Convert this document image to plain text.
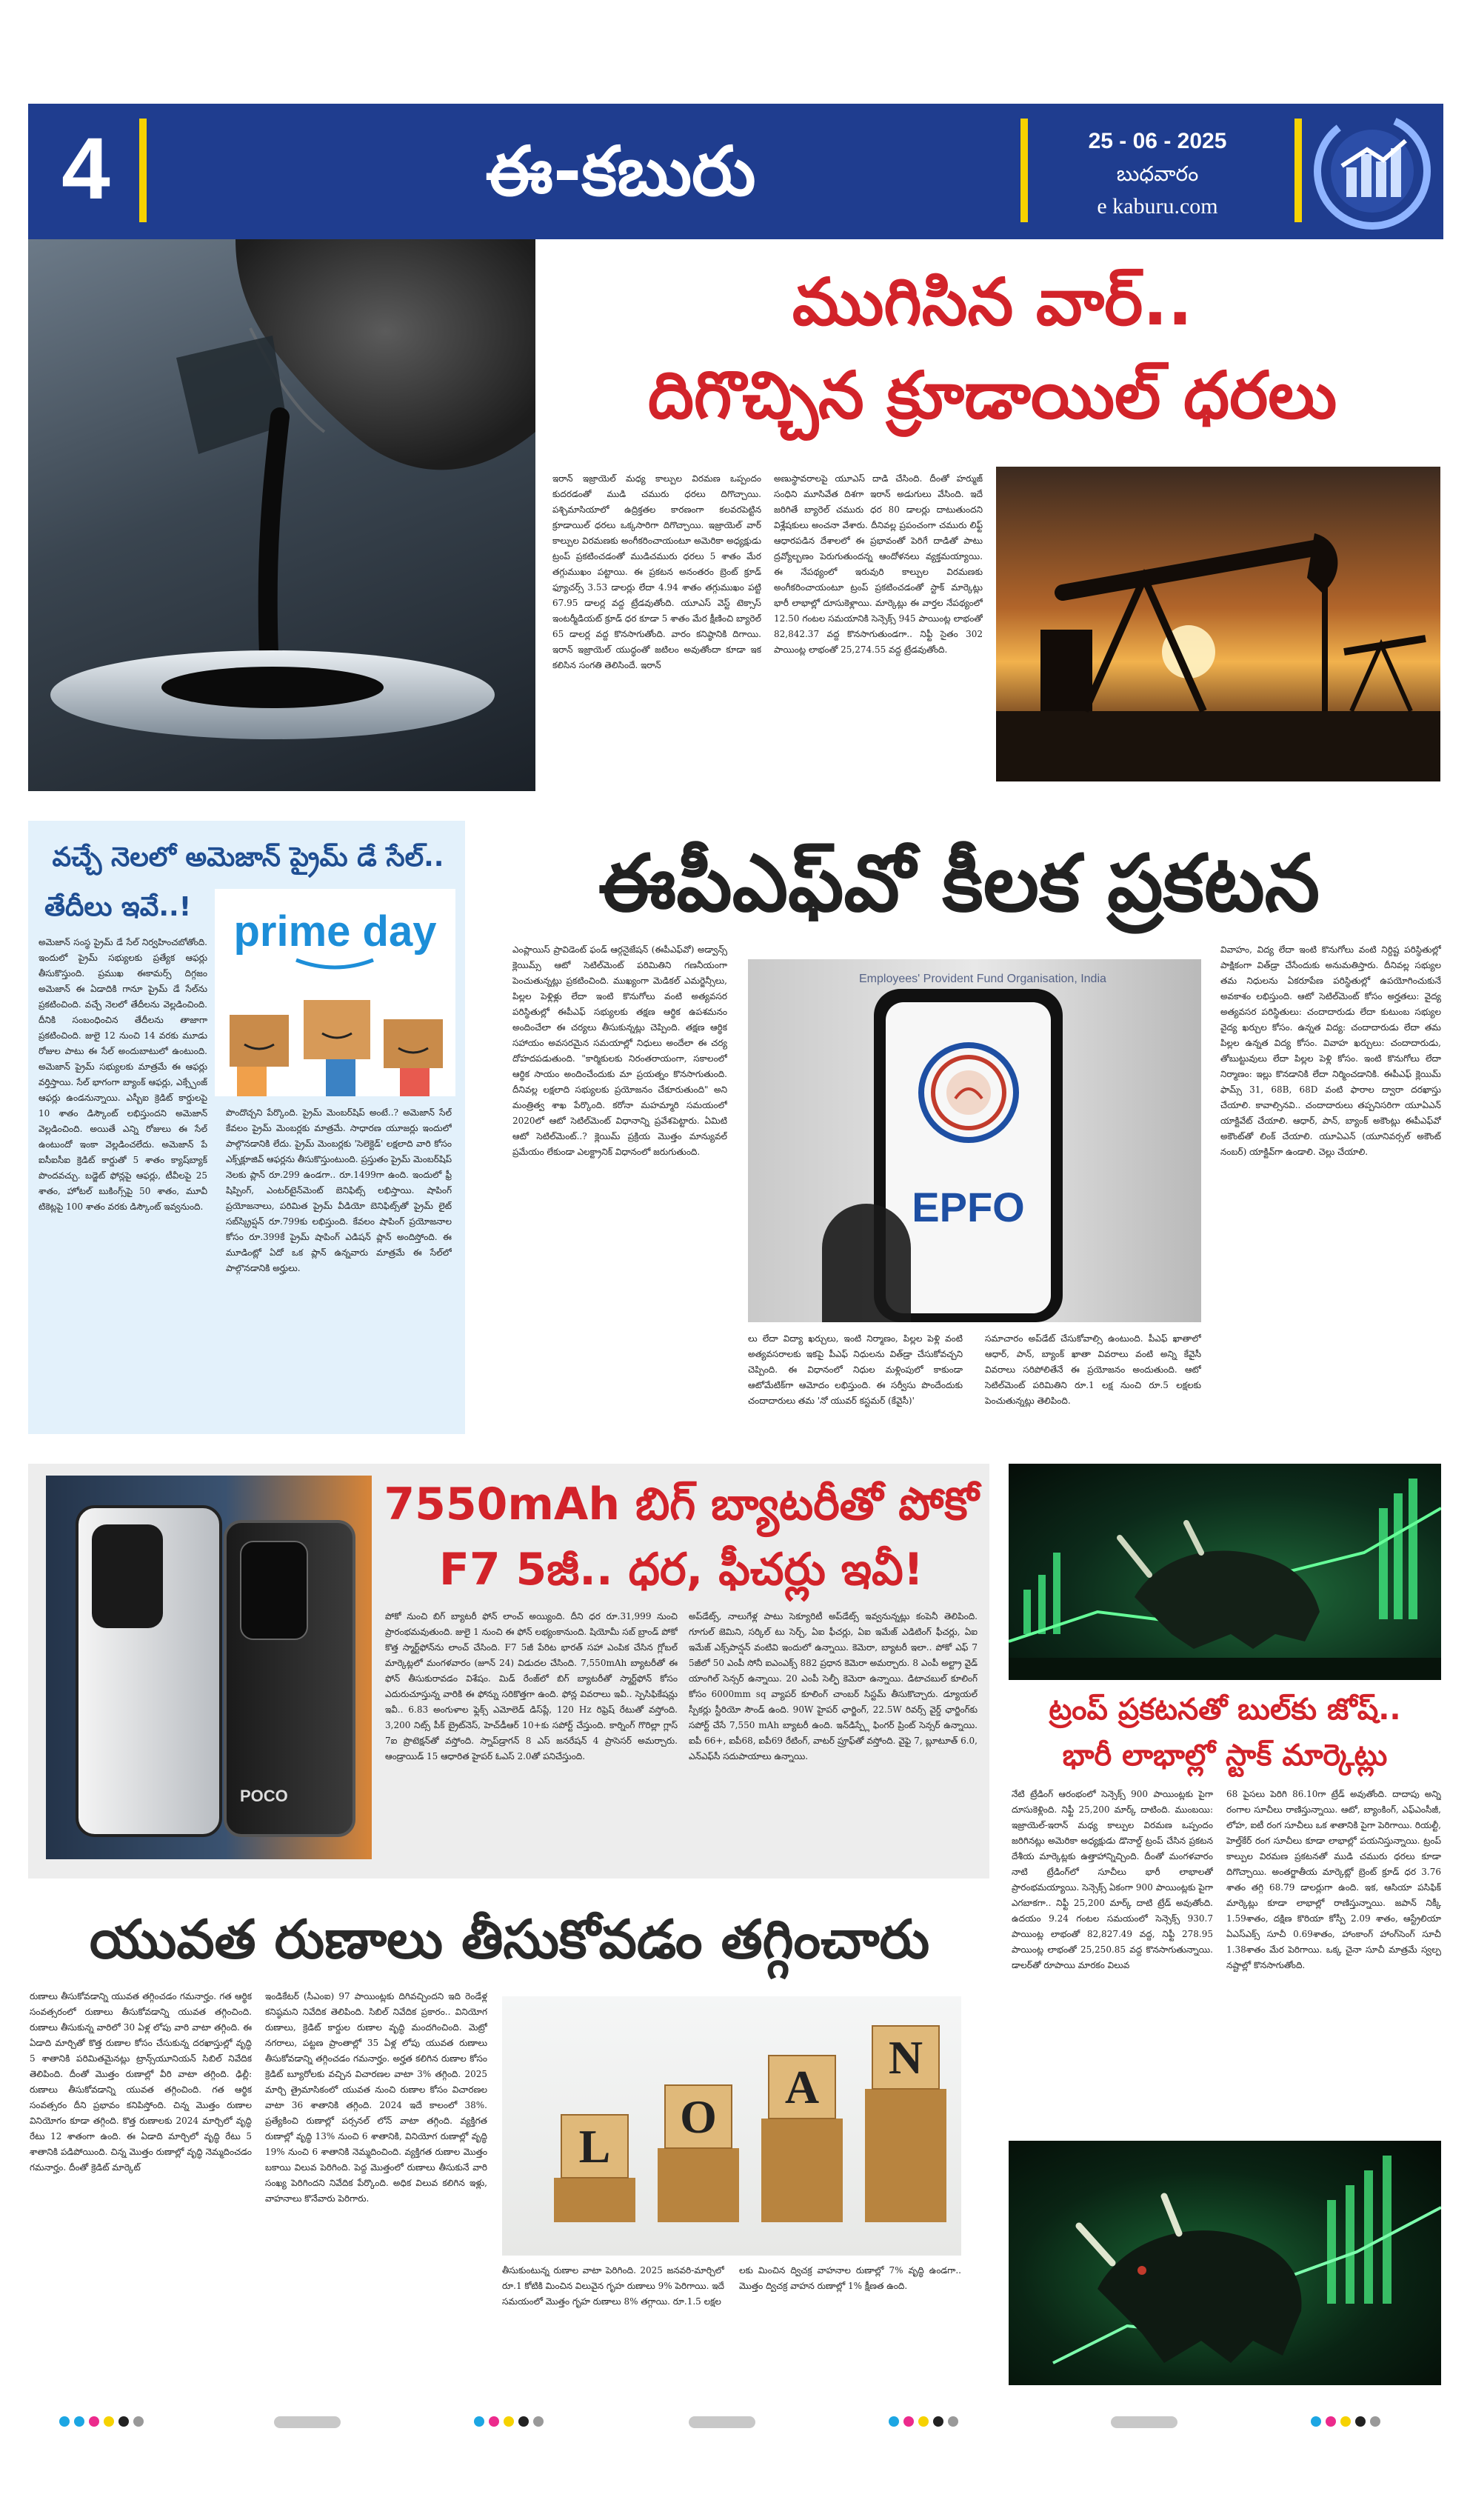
4	ఈ-కబురు	25 - 06 - 2025
బుధవారం
e kaburu.com
ముగిసిన వార్..
దిగొచ్చిన క్రూడాయిల్ ధరలు
ఇరాన్ ఇజ్రాయెల్ మధ్య కాల్పుల విరమణ ఒప్పందం కుదరడంతో ముడి చమురు ధరలు దిగొచ్చాయి. పశ్చిమాసియాలో ఉద్రిక్తతల కారణంగా కలవరపెట్టిన క్రూడాయిల్ ధరలు ఒక్కసారిగా దిగొచ్చాయి. ఇజ్రాయెల్ వార్ కాల్పుల విరమణకు అంగీకరించాయంటూ అమెరికా అధ్యక్షుడు ట్రంప్ ప్రకటించడంతో ముడిచమురు ధరలు 5 శాతం మేర తగ్గుముఖం పట్టాయి. ఈ ప్రకటన అనంతరం బ్రెంట్ క్రూడ్ ఫ్యూచర్స్ 3.53 డాలర్లు లేదా 4.94 శాతం తగ్గుముఖం పట్టి 67.95 డాలర్ల వద్ద ట్రేడవుతోంది. యూఎస్ వెస్ట్ టెక్సాస్ ఇంటర్మీడియట్ క్రూడ్ ధర కూడా 5 శాతం మేర క్షీణించి బ్యారెల్ 65 డాలర్ల వద్ద కొనసాగుతోంది. వారం కనిష్ఠానికి దిగాయి. ఇరాన్ ఇజ్రాయెల్ యుద్ధంతో జటిలం అవుతోందా కూడా ఇక కలిసిన సంగతి తెలిసిందే. ఇరాన్
అణుస్థావరాలపై యూఎస్ దాడి చేసింది. దీంతో హర్ముజ్ సంధిని మూసివేత దిశగా ఇరాన్ అడుగులు వేసింది. ఇదే జరిగితే బ్యారెల్ చమురు ధర 80 డాలర్లు దాటుతుందని విశ్లేషకులు అంచనా వేశారు. దీనివల్ల ప్రపంచంగా చమురు లిఫ్ట్ ఆధారపడిన దేశాలలో ఈ ప్రభావంతో పెరిగే దాడితో పాటు ద్రవ్యోల్బణం పెరుగుతుందన్న ఆందోళనలు వ్యక్తమయ్యాయి. ఈ నేపథ్యంలో ఇరువురి కాల్పుల విరమణకు అంగీకరించాయంటూ ట్రంప్ ప్రకటించడంతో స్టాక్ మార్కెట్లు భారీ లాభాల్లో దూసుకెళ్లాయి. మార్కెట్లు ఈ వార్తల నేపథ్యంలో 12.50 గంటల సమయానికి సెన్సెక్స్ 945 పాయింట్ల లాభంతో 82,842.37 వద్ద కొనసాగుతుండగా.. నిఫ్టీ సైతం 302 పాయింట్ల లాభంతో 25,274.55 వద్ద ట్రేడవుతోంది.
వచ్చే నెలలో అమెజాన్ ప్రైమ్ డే సేల్..
తేదీలు ఇవే..!
prime day
అమెజాన్ సంస్థ ప్రైమ్ డే సేల్ నిర్వహించబోతోంది. ఇందులో ప్రైమ్ సభ్యులకు ప్రత్యేక ఆఫర్లు తీసుకొస్తుంది. ప్రముఖ ఈకామర్స్ దిగ్గజం అమెజాన్ ఈ ఏడాదికి గానూ ప్రైమ్ డే సేల్‌ను ప్రకటించింది. వచ్చే నెలలో తేదీలను వెల్లడించింది. దీనికి సంబంధించిన తేదీలను తాజాగా ప్రకటించింది. జులై 12 నుంచి 14 వరకు మూడు రోజుల పాటు ఈ సేల్ అందుబాటులో ఉంటుంది. అమెజాన్ ప్రైమ్ సభ్యులకు మాత్రమే ఈ ఆఫర్లు వర్తిస్తాయి. సేల్ భాగంగా బ్యాంక్ ఆఫర్లు, ఎక్స్చేంజ్ ఆఫర్లు ఉండనున్నాయి. ఎస్బీఐ క్రెడిట్ కార్డులపై 10 శాతం డిస్కౌంట్ లభిస్తుందని అమెజాన్ వెల్లడించింది. అయితే ఎన్ని రోజులు ఈ సేల్ ఉంటుందో ఇంకా వెల్లడించలేదు. అమెజాన్ పే ఐసీఐసీఐ క్రెడిట్ కార్డుతో 5 శాతం క్యాష్‌బ్యాక్ పొందవచ్చు. బడ్జెట్ ఫోన్లపై ఆఫర్లు, టీవీలపై 25 శాతం, హోటల్ బుకింగ్స్‌పై 50 శాతం, మూవీ టికెట్లపై 100 శాతం వరకు డిస్కౌంట్ ఇవ్వనుంది.
పొందొచ్చని పేర్కొంది. ప్రైమ్ మెంబర్‌షిప్ అంటే..? అమెజాన్ సేల్ కేవలం ప్రైమ్ మెంబర్లకు మాత్రమే. సాధారణ యూజర్లు ఇందులో పాల్గొనడానికి లేదు. ప్రైమ్ మెంబర్లకు 'సెలెక్టెడ్' లక్షలాది వారి కోసం ఎక్స్‌క్లూజివ్ ఆఫర్లను తీసుకొస్తుంటుంది. ప్రస్తుతం ప్రైమ్ మెంబర్‌షిప్ నెలకు ప్లాన్ రూ.299 ఉండగా.. రూ.1499గా ఉంది. ఇందులో ఫ్రీ షిప్పింగ్, ఎంటర్‌టైన్‌మెంట్ బెనిఫిట్స్ లభిస్తాయి. షాపింగ్ ప్రయోజనాలు, పరిమిత ప్రైమ్ వీడియో బెనిఫిట్స్‌తో ప్రైమ్ లైట్ సబ్‌స్క్రిప్షన్ రూ.799కు లభిస్తుంది. కేవలం షాపింగ్ ప్రయోజనాల కోసం రూ.399కే ప్రైమ్ షాపింగ్ ఎడిషన్ ప్లాన్ అందిస్తోంది. ఈ మూడింట్లో ఏదో ఒక ప్లాన్ ఉన్నవారు మాత్రమే ఈ సేల్‌లో పాల్గొనడానికి అర్హులు.
ఈపీఎఫ్‌వో కీలక ప్రకటన
ఎంప్లాయిస్ ప్రావిడెంట్ ఫండ్ ఆర్గనైజేషన్ (ఈపీఎఫ్‌వో) అడ్వాన్స్ క్లెయిమ్స్ ఆటో సెటిల్‌మెంట్ పరిమితిని గణనీయంగా పెంచుతున్నట్లు ప్రకటించింది. ముఖ్యంగా మెడికల్ ఎమర్జెన్సీలు, పిల్లల పెళ్లిళ్లు లేదా ఇంటి కొనుగోలు వంటి అత్యవసర పరిస్థితుల్లో ఈపీఎఫ్ సభ్యులకు తక్షణ ఆర్థిక ఉపశమనం అందించేలా ఈ చర్యలు తీసుకున్నట్లు చెప్పింది. తక్షణ ఆర్థిక సహాయం అవసరమైన సమయాల్లో నిధులు అందేలా ఈ చర్య దోహదపడుతుంది. "కార్మికులకు నిరంతరాయంగా, సకాలంలో ఆర్థిక సాయం అందించేందుకు మా ప్రయత్నం కొనసాగుతుంది. దీనివల్ల లక్షలాది సభ్యులకు ప్రయోజనం చేకూరుతుంది" అని మంత్రిత్వ శాఖ పేర్కొంది. కరోనా మహమ్మారి సమయంలో 2020లో ఆటో సెటిల్‌మెంట్ విధానాన్ని ప్రవేశపెట్టారు. ఏమిటి ఆటో సెటిల్‌మెంట్..? క్లెయిమ్ ప్రక్రియ మొత్తం మాన్యువల్ ప్రమేయం లేకుండా ఎలక్ట్రానిక్ విధానంలో జరుగుతుంది.
Employees' Provident Fund Organisation, India
EPFO
లు లేదా విద్యా ఖర్చులు, ఇంటి నిర్మాణం, పిల్లల పెళ్లి వంటి అత్యవసరాలకు ఇకపై పీఎఫ్ నిధులను విత్‌డ్రా చేసుకోవచ్చని చెప్పింది. ఈ విధానంలో నిధుల మళ్లింపులో కాకుండా ఆటోమేటిక్‌గా ఆమోదం లభిస్తుంది. ఈ సర్వీసు పొందేందుకు చందాదారులు తమ 'నో యువర్ కస్టమర్ (కేవైసీ)'
సమాచారం అప్‌డేట్ చేసుకోవాల్సి ఉంటుంది. పీఎఫ్ ఖాతాలో ఆధార్, పాన్, బ్యాంక్ ఖాతా వివరాలు వంటి అన్ని కేవైసీ వివరాలు సరిపోలితేనే ఈ ప్రయోజనం అందుతుంది. ఆటో సెటిల్‌మెంట్ పరిమితిని రూ.1 లక్ష నుంచి రూ.5 లక్షలకు పెంచుతున్నట్లు తెలిపింది.
వివాహం, విద్య లేదా ఇంటి కొనుగోలు వంటి నిర్దిష్ట పరిస్థితుల్లో పాక్షికంగా విత్‌డ్రా చేసేందుకు అనుమతిస్తారు. దీనివల్ల సభ్యుల తమ నిధులను ఏకరూపేణ పరిస్థితుల్లో ఉపయోగించుకునే అవకాశం లభిస్తుంది. ఆటో సెటిల్‌మెంట్ కోసం అర్హతలు: వైద్య అత్యవసర పరిస్థితులు: చందాదారుడు లేదా కుటుంబ సభ్యుల వైద్య ఖర్చుల కోసం. ఉన్నత విద్య: చందాదారుడు లేదా తమ పిల్లల ఉన్నత విద్య కోసం. వివాహ ఖర్చులు: చందాదారుడు, తోబుట్టువులు లేదా పిల్లల పెళ్లి కోసం. ఇంటి కొనుగోలు లేదా నిర్మాణం: ఇల్లు కొనడానికి లేదా నిర్మించడానికి. ఈపీఎఫ్ క్లెయిమ్ ఫామ్స్ 31, 68B, 68D వంటి ఫారాల ద్వారా దరఖాస్తు చేయాలి. కావాల్సినవి.. చందాదారులు తప్పనిసరిగా యూఏఎన్ యాక్టివేట్ చేయాలి. ఆధార్, పాన్, బ్యాంక్ అకౌంట్లు ఈపీఎఫ్‌వో అకౌంట్‌తో లింక్ చేయాలి. యూఏఎన్ (యూనివర్సల్ అకౌంట్ నంబర్) యాక్టివ్‌గా ఉండాలి. చెల్లు చేయాలి.
POCO
7550mAh బిగ్ బ్యాటరీతో పోకో
F7 5జీ.. ధర, ఫీచర్లు ఇవీ!
పోకో నుంచి బిగ్ బ్యాటరీ ఫోన్ లాంచ్ అయ్యింది. దీని ధర రూ.31,999 నుంచి ప్రారంభమవుతుంది. జులై 1 నుంచి ఈ ఫోన్ లభ్యంకానుంది. షియోమీ సబ్ బ్రాండ్ పోకో కొత్త స్మార్ట్‌ఫోన్‌ను లాంచ్ చేసింది. F7 5జీ పేరిట భారత్ సహా ఎంపిక చేసిన గ్లోబల్ మార్కెట్లలో మంగళవారం (జూన్ 24) విడుదల చేసింది. 7,550mAh బ్యాటరీతో ఈ ఫోన్ తీసుకురావడం విశేషం. మిడ్ రేంజ్‌లో బిగ్ బ్యాటరీతో స్మార్ట్‌ఫోన్ కోసం ఎదురుచూస్తున్న వారికి ఈ ఫోన్ను సరికొత్తగా ఉంది. ఫోన్ల వివరాలు ఇవీ.. స్పెసిఫికేషన్లు ఇవీ.. 6.83 అంగుళాల ఫ్లెక్స్ ఎమోలెడ్ డిస్‌ప్లే, 120 Hz రిఫ్రెష్ రేటుతో వస్తోంది. 3,200 నిట్స్ పీక్ బ్రైట్‌నెస్, హెచ్‌డీఆర్ 10+కు సపోర్ట్ చేస్తుంది. కార్నింగ్ గొరిల్లా గ్లాస్ 7ఐ ప్రొటెక్షన్‌తో వస్తోంది. స్నాప్‌డ్రాగన్ 8 ఎస్ జనరేషన్ 4 ప్రాసెసర్ అమర్చారు. ఆండ్రాయిడ్ 15 ఆధారిత హైపర్ ఓఎస్ 2.0తో పనిచేస్తుంది.
అప్‌డేట్స్, నాలుగేళ్ల పాటు సెక్యూరిటీ అప్‌డేట్స్ ఇవ్వనున్నట్లు కంపెనీ తెలిపింది. గూగుల్ జెమిని, సర్కిల్ టు సెర్చ్, ఏఐ ఫీచర్లు, ఏఐ ఇమేజ్ ఎడిటింగ్ ఫీచర్లు, ఏఐ ఇమేజ్ ఎక్స్‌పాన్షన్ వంటివి ఇందులో ఉన్నాయి. కెమెరా, బ్యాటరీ ఇలా.. పోకో ఎఫ్ 7 5జీలో 50 ఎంపీ సోనీ ఐఎంఎక్స్ 882 ప్రధాన కెమెరా అమర్చారు. 8 ఎంపీ అల్ట్రా వైడ్ యాంగిల్ సెన్సర్ ఉన్నాయి. 20 ఎంపీ సెల్ఫీ కెమెరా ఉన్నాయి. డిటాచబుల్ కూలింగ్ కోసం 6000mm sq వ్యాపర్ కూలింగ్ చాంబర్ సిస్టమ్ తీసుకొచ్చారు. డ్యూయల్ స్పీకర్లు స్టీరియో సౌండ్ ఉంది. 90W హైపర్ ఛార్జింగ్, 22.5W రివర్స్ వైర్డ్ ఛార్జింగ్‌కు సపోర్ట్ చేసే 7,550 mAh బ్యాటరీ ఉంది. ఇన్‌డిస్ప్లే ఫింగర్ ప్రింట్ సెన్సర్ ఉన్నాయి. ఐపీ 66+, ఐపీ68, ఐపీ69 రేటింగ్, వాటర్ ప్రూఫ్‌తో వస్తోంది. వైఫై 7, బ్లూటూత్ 6.0, ఎన్‌ఎఫ్‌సీ సదుపాయాలు ఉన్నాయి.
ట్రంప్ ప్రకటనతో బుల్‌కు జోష్..
భారీ లాభాల్లో స్టాక్ మార్కెట్లు
నేటి ట్రేడింగ్ ఆరంభంలో సెన్సెక్స్ 900 పాయింట్లకు పైగా దూసుకెళ్లింది. నిఫ్టీ 25,200 మార్క్ దాటింది. ముంబయి: ఇజ్రాయెల్-ఇరాన్ మధ్య కాల్పుల విరమణ ఒప్పందం జరిగినట్లు అమెరికా అధ్యక్షుడు డొనాల్డ్ ట్రంప్ చేసిన ప్రకటన దేశీయ మార్కెట్లకు ఉత్తాహాన్నిచ్చింది. దీంతో మంగళవారం నాటి ట్రేడింగ్‌లో సూచీలు భారీ లాభాలతో ప్రారంభమయ్యాయి. సెన్సెక్స్ ఏకంగా 900 పాయింట్లకు పైగా ఎగబాకగా.. నిఫ్టీ 25,200 మార్క్ దాటి ట్రేడ్ అవుతోంది. ఉదయం 9.24 గంటల సమయంలో సెన్సెక్స్ 930.7 పాయింట్ల లాభంతో 82,827.49 వద్ద, నిఫ్టీ 278.95 పాయింట్ల లాభంతో 25,250.85 వద్ద కొనసాగుతున్నాయి. డాలర్‌తో రూపాయి మారకం విలువ
68 పైసలు పెరిగి 86.10గా ట్రేడ్ అవుతోంది. దాదాపు అన్ని రంగాల సూచీలు రాణిస్తున్నాయి. ఆటో, బ్యాంకింగ్, ఎఫ్‌ఎంసీజీ, లోహ, ఐటీ రంగ సూచీలు ఒక శాతానికి పైగా పెరిగాయి. రియల్టీ, హెల్త్‌కేర్ రంగ సూచీలు కూడా లాభాల్లో పయనిస్తున్నాయి. ట్రంప్ కాల్పుల విరమణ ప్రకటనతో ముడి చమురు ధరలు కూడా దిగొచ్చాయి. అంతర్జాతీయ మార్కెట్లో బ్రెంట్ క్రూడ్ ధర 3.76 శాతం తగ్గి 68.79 డాలర్లుగా ఉంది. ఇక, ఆసియా పసిఫిక్ మార్కెట్లు కూడా లాభాల్లో రాణిస్తున్నాయి. జపాన్ నిక్కీ 1.59శాతం, దక్షిణ కొరియా కోస్పీ 2.09 శాతం, ఆస్ట్రేలియా ఏఎస్‌ఎక్స్ సూచీ 0.69శాతం, హాంకాంగ్ హాంగ్‌సెంగ్ సూచీ 1.38శాతం మేర పెరిగాయి. ఒక్క చైనా సూచీ మాత్రమే స్వల్ప నష్టాల్లో కొనసాగుతోంది.
యువత రుణాలు తీసుకోవడం తగ్గించారు
రుణాలు తీసుకోవడాన్ని యువత తగ్గించడం గమనార్హం. గత ఆర్థిక సంవత్సరంలో రుణాలు తీసుకోవడాన్ని యువత తగ్గించింది. రుణాలు తీసుకున్న వారిలో 30 ఏళ్ల లోపు వారి వాటా తగ్గింది. ఈ ఏడాది మార్చితో కొత్త రుణాల కోసం చేసుకున్న దరఖాస్తుల్లో వృద్ధి 5 శాతానికి పరిమితమైనట్లు ట్రాన్స్‌యూనియన్ సిబిల్ నివేదిక తెలిపింది. దీంతో మొత్తం రుణాల్లో వీరి వాటా తగ్గింది. ఢిల్లీ: రుణాలు తీసుకోవడాన్ని యువత తగ్గించింది. గత ఆర్థిక సంవత్సరం దీని ప్రభావం కనిపిస్తోంది. చిన్న మొత్తం రుణాల వినియోగం కూడా తగ్గింది. కొత్త రుణాలకు 2024 మార్చిలో వృద్ధి రేటు 12 శాతంగా ఉంది. ఈ ఏడాది మార్చిలో వృద్ధి రేటు 5 శాతానికి పడిపోయింది. చిన్న మొత్తం రుణాల్లో వృద్ధి నెమ్మదించడం గమనార్హం. దీంతో క్రెడిట్ మార్కెట్
ఇండికేటర్ (సీఎంఐ) 97 పాయింట్లకు దిగివచ్చిందని ఇది రెండేళ్ల కనిష్ఠమని నివేదిక తెలిపింది. సిబిల్ నివేదిక ప్రకారం.. వినియోగ రుణాలు, క్రెడిట్ కార్డుల రుణాల వృద్ధి మందగించింది. మెట్రో నగరాలు, పట్టణ ప్రాంతాల్లో 35 ఏళ్ల లోపు యువత రుణాలు తీసుకోవడాన్ని తగ్గించడం గమనార్హం. అర్హత కలిగిన రుణాల కోసం క్రెడిట్ బ్యూరోలకు వచ్చిన విచారణల వాటా 3% తగ్గింది. 2025 మార్చి త్రైమాసికంలో యువత నుంచి రుణాల కోసం విచారణల వాటా 36 శాతానికి తగ్గింది. 2024 ఇదే కాలంలో 38%. ప్రత్యేకించి రుణాల్లో పర్సనల్ లోన్ వాటా తగ్గింది. వ్యక్తిగత రుణాల్లో వృద్ధి 13% నుంచి 6 శాతానికి, వినియోగ రుణాల్లో వృద్ధి 19% నుంచి 6 శాతానికి నెమ్మదించింది. వ్యక్తిగత రుణాల మొత్తం బకాయి విలువ పెరిగింది. పెద్ద మొత్తంలో రుణాలు తీసుకునే వారి సంఖ్య పెరిగిందని నివేదిక పేర్కొంది. అధిక విలువ కలిగిన ఇళ్లు, వాహనాలు కొనేవారు పెరిగారు.
L
O
A
N
తీసుకుంటున్న రుణాల వాటా పెరిగింది. 2025 జనవరి-మార్చిలో రూ.1 కోటికి మించిన విలువైన గృహ రుణాలు 9% పెరిగాయి. ఇదే సమయంలో మొత్తం గృహ రుణాలు 8% తగ్గాయి. రూ.1.5 లక్షల
లకు మించిన ద్విచక్ర వాహనాల రుణాల్లో 7% వృద్ధి ఉండగా.. మొత్తం ద్విచక్ర వాహన రుణాల్లో 1% క్షీణత ఉంది.
